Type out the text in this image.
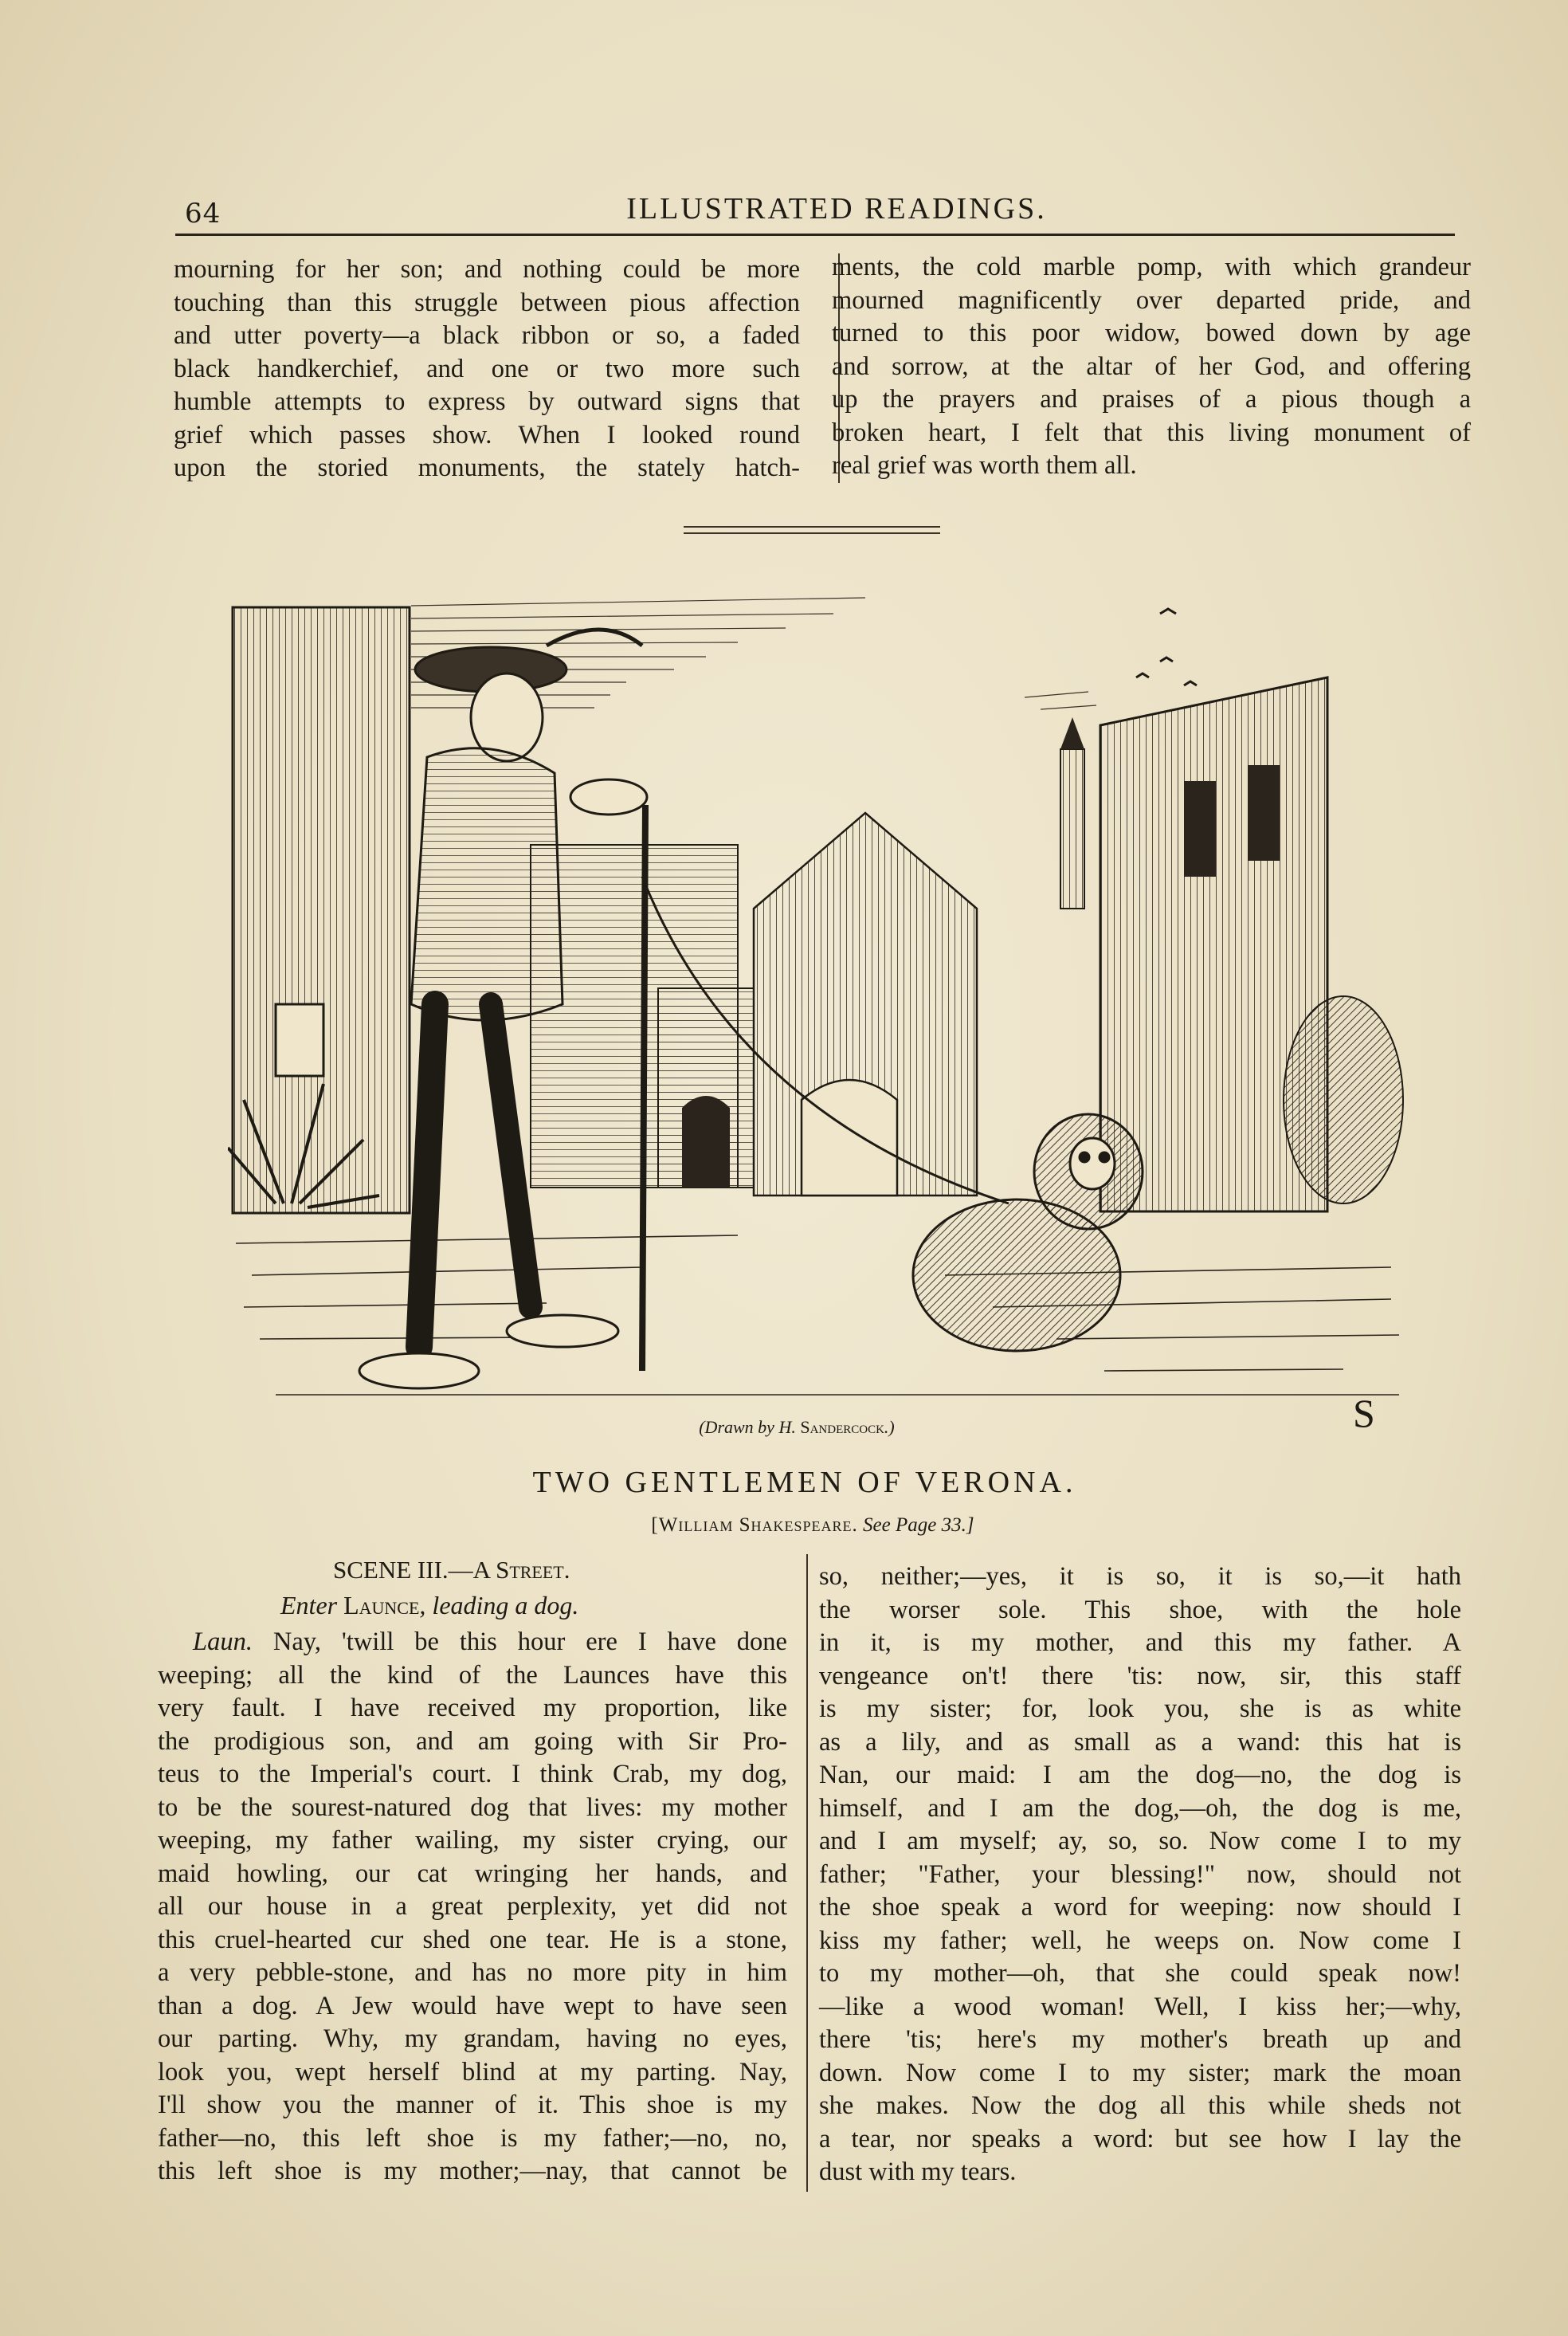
64	ILLUSTRATED READINGS.
mourning for her son; and nothing could be more
touching than this struggle between pious affection
and utter poverty—a black ribbon or so, a faded
black handkerchief, and one or two more such
humble attempts to express by outward signs that
grief which passes show. When I looked round
upon the storied monuments, the stately hatch-
ments, the cold marble pomp, with which grandeur
mourned magnificently over departed pride, and
turned to this poor widow, bowed down by age
and sorrow, at the altar of her God, and offering
up the prayers and praises of a pious though a
broken heart, I felt that this living monument of
real grief was worth them all.
(Drawn by H. Sandercock.)	S
TWO GENTLEMEN OF VERONA.
[William Shakespeare. See Page 33.]
SCENE III.—A Street.
Enter Launce, leading a dog.
Laun. Nay, 'twill be this hour ere I have done
weeping; all the kind of the Launces have this
very fault. I have received my proportion, like
the prodigious son, and am going with Sir Pro-
teus to the Imperial's court. I think Crab, my dog,
to be the sourest-natured dog that lives: my mother
weeping, my father wailing, my sister crying, our
maid howling, our cat wringing her hands, and
all our house in a great perplexity, yet did not
this cruel-hearted cur shed one tear. He is a stone,
a very pebble-stone, and has no more pity in him
than a dog. A Jew would have wept to have seen
our parting. Why, my grandam, having no eyes,
look you, wept herself blind at my parting. Nay,
I'll show you the manner of it. This shoe is my
father—no, this left shoe is my father;—no, no,
this left shoe is my mother;—nay, that cannot be
so, neither;—yes, it is so, it is so,—it hath
the worser sole. This shoe, with the hole
in it, is my mother, and this my father. A
vengeance on't! there 'tis: now, sir, this staff
is my sister; for, look you, she is as white
as a lily, and as small as a wand: this hat is
Nan, our maid: I am the dog—no, the dog is
himself, and I am the dog,—oh, the dog is me,
and I am myself; ay, so, so. Now come I to my
father; "Father, your blessing!" now, should not
the shoe speak a word for weeping: now should I
kiss my father; well, he weeps on. Now come I
to my mother—oh, that she could speak now!
—like a wood woman! Well, I kiss her;—why,
there 'tis; here's my mother's breath up and
down. Now come I to my sister; mark the moan
she makes. Now the dog all this while sheds not
a tear, nor speaks a word: but see how I lay the
dust with my tears.
